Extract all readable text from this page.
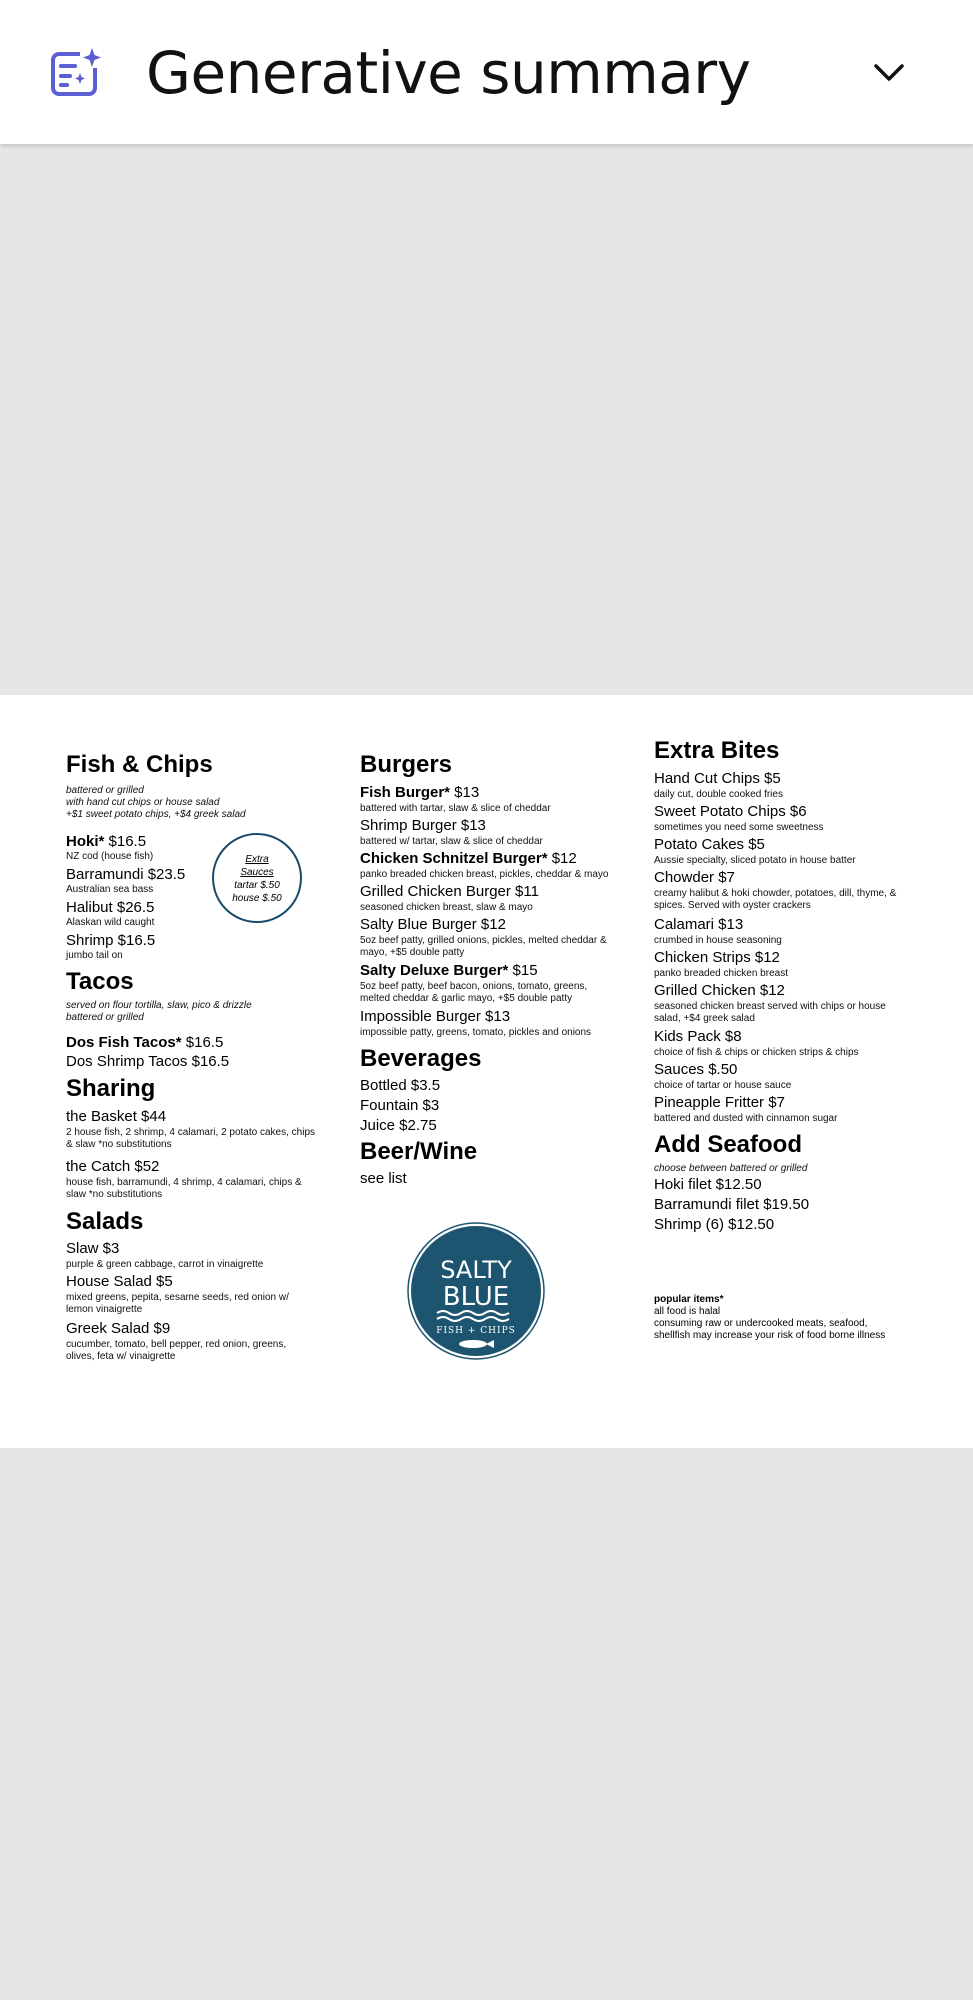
Generative summary
Fish & Chips
battered or grilled
with hand cut chips or house salad
+$1 sweet potato chips, +$4 greek salad
Hoki* $16.5
NZ cod (house fish)
Barramundi $23.5
Australian sea bass
Halibut $26.5
Alaskan wild caught
Shrimp $16.5
jumbo tail on
Tacos
served on flour tortilla, slaw, pico & drizzle
battered or grilled
Dos Fish Tacos* $16.5
Dos Shrimp Tacos $16.5
Sharing
the Basket $44
2 house fish, 2 shrimp, 4 calamari, 2 potato cakes, chips & slaw *no substitutions
the Catch $52
house fish, barramundi, 4 shrimp, 4 calamari, chips & slaw *no substitutions
Salads
Slaw $3
purple & green cabbage, carrot in vinaigrette
House Salad $5
mixed greens, pepita, sesame seeds, red onion w/ lemon vinaigrette
Greek Salad $9
cucumber, tomato, bell pepper, red onion, greens, olives, feta w/ vinaigrette
Burgers
Fish Burger* $13
battered with tartar, slaw & slice of cheddar
Shrimp Burger $13
battered w/ tartar, slaw & slice of cheddar
Chicken Schnitzel Burger* $12
panko breaded chicken breast, pickles, cheddar & mayo
Grilled Chicken Burger $11
seasoned chicken breast, slaw & mayo
Salty Blue Burger $12
5oz beef patty, grilled onions, pickles, melted cheddar & mayo, +$5 double patty
Salty Deluxe Burger* $15
5oz beef patty, beef bacon, onions, tomato, greens, melted cheddar & garlic mayo, +$5 double patty
Impossible Burger $13
impossible patty, greens, tomato, pickles and onions
Beverages
Bottled $3.5
Fountain $3
Juice $2.75
Beer/Wine
see list
Extra Bites
Hand Cut Chips $5
daily cut, double cooked fries
Sweet Potato Chips $6
sometimes you need some sweetness
Potato Cakes $5
Aussie specialty, sliced potato in house batter
Chowder $7
creamy halibut & hoki chowder, potatoes, dill, thyme, & spices. Served with oyster crackers
Calamari $13
crumbed in house seasoning
Chicken Strips $12
panko breaded chicken breast
Grilled Chicken $12
seasoned chicken breast served with chips or house salad, +$4 greek salad
Kids Pack $8
choice of fish & chips or chicken strips & chips
Sauces $.50
choice of tartar or house sauce
Pineapple Fritter $7
battered and dusted with cinnamon sugar
Add Seafood
choose between battered or grilled
Hoki filet $12.50
Barramundi filet $19.50
Shrimp (6) $12.50
popular items*
all food is halal
consuming raw or undercooked meats, seafood, shellfish may increase your risk of food borne illness
Extra
Sauces
tartar $.50
house $.50
SALTY
BLUE
FISH + CHIPS
